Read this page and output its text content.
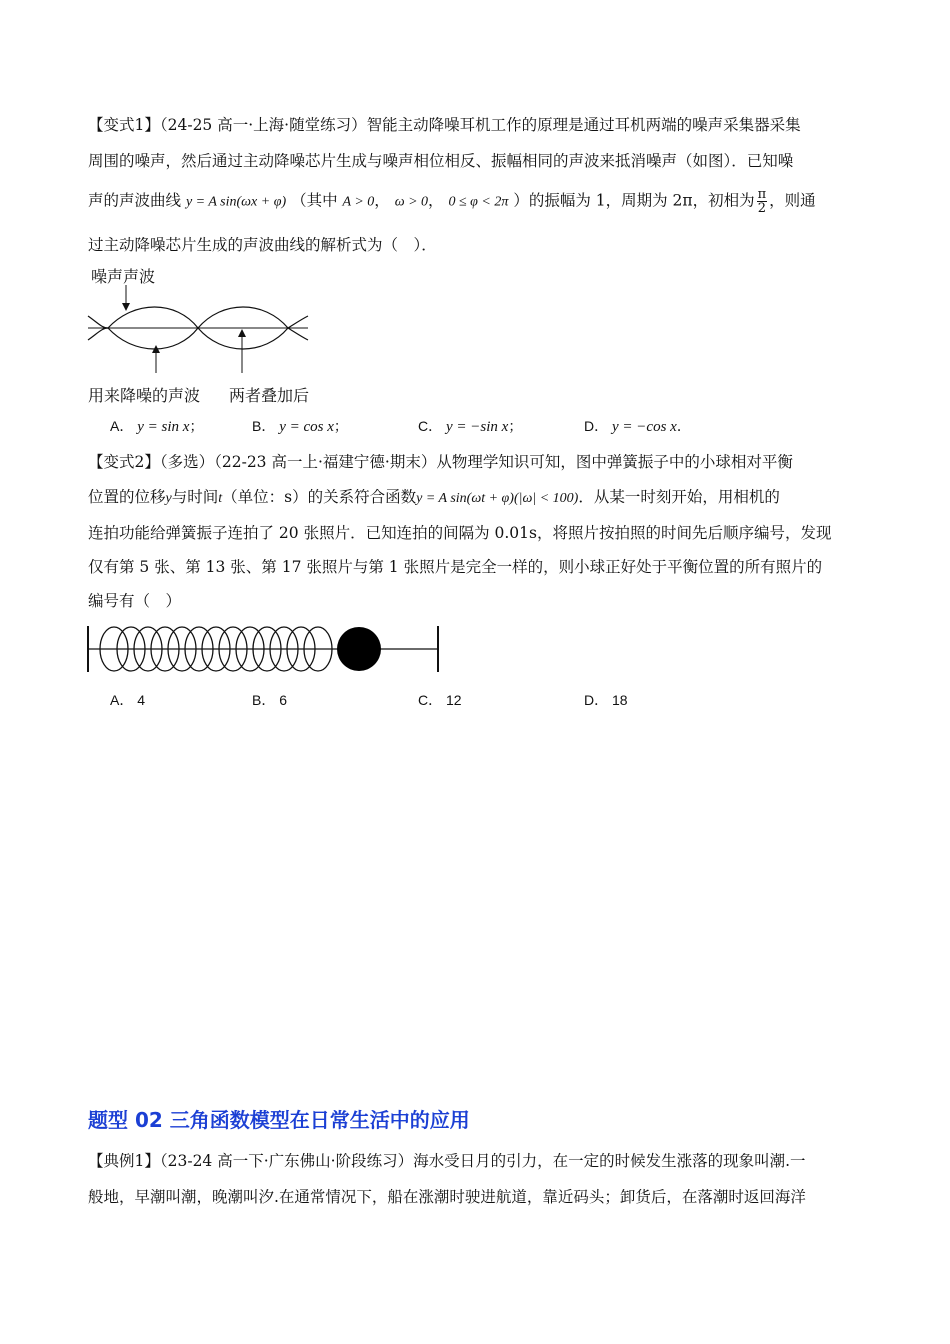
【变式1】（24-25 高一·上海·随堂练习）智能主动降噪耳机工作的原理是通过耳机两端的噪声采集器采集
周围的噪声，然后通过主动降噪芯片生成与噪声相位相反、振幅相同的声波来抵消噪声（如图）．已知噪
声的声波曲线 y = A sin(ωx + φ) （其中 A > 0， ω > 0， 0 ≤ φ < 2π ）的振幅为 1，周期为 2π，初相为 $\frac{\pi}{2}$ ，则通
过主动降噪芯片生成的声波曲线的解析式为（　）．
噪声声波
用来降噪的声波 两者叠加后
A． y = sin x；	B． y = cos x；	C． y = −sin x；	D． y = −cos x．
【变式2】（多选）（22-23 高一上·福建宁德·期末）从物理学知识可知，图中弹簧振子中的小球相对平衡
位置的位移y与时间t（单位：s）的关系符合函数y = A sin(ωt + φ)(|ω| < 100)．从某一时刻开始，用相机的
连拍功能给弹簧振子连拍了 20 张照片．已知连拍的间隔为 0.01s，将照片按拍照的时间先后顺序编号，发现
仅有第 5 张、第 13 张、第 17 张照片与第 1 张照片是完全一样的，则小球正好处于平衡位置的所有照片的
编号有（　）
A． 4	B． 6	C． 12	D． 18
题型 02 三角函数模型在日常生活中的应用
【典例1】（23-24 高一下·广东佛山·阶段练习）海水受日月的引力，在一定的时候发生涨落的现象叫潮.一
般地，早潮叫潮，晚潮叫汐.在通常情况下，船在涨潮时驶进航道，靠近码头；卸货后，在落潮时返回海洋
